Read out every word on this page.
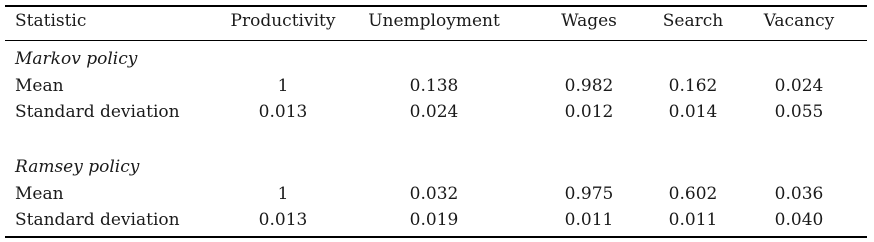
Statistic	Productivity	Unemployment	Wages	Search	Vacancy
Markov policy
Mean	1	0.138	0.982	0.162	0.024
Standard deviation	0.013	0.024	0.012	0.014	0.055
Ramsey policy
Mean	1	0.032	0.975	0.602	0.036
Standard deviation	0.013	0.019	0.011	0.011	0.040
